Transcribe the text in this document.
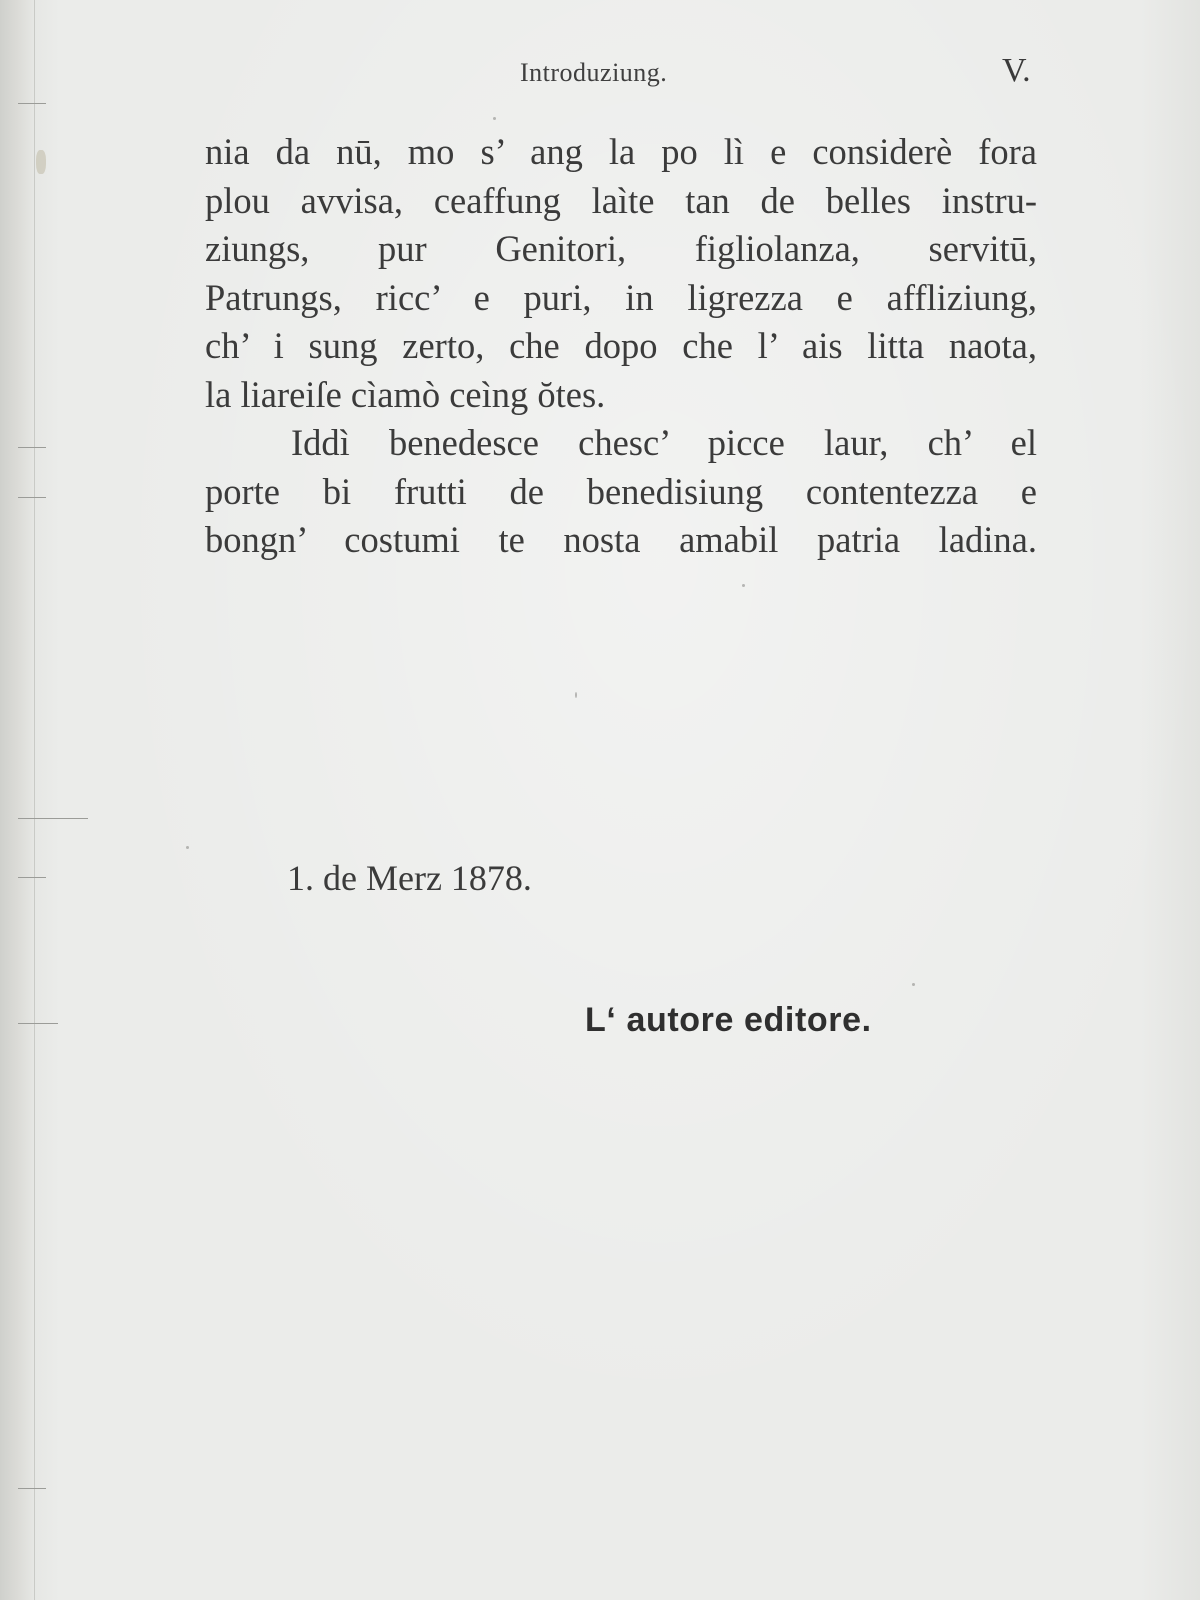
Introduziung.	V.
nia da nū, mo s’ ang la po lì e considerè fora
plou avvisa, ceaffung laìte tan de belles instru-
ziungs, pur Genitori, figliolanza, servitū,
Patrungs, ricc’ e puri, in ligrezza e affliziung,
ch’ i sung zerto, che dopo che l’ ais litta naota,
la liareiſe cìamò ceìng ŏtes.
Iddì benedesce chesc’ picce laur, ch’ el
porte bi frutti de benedisiung contentezza e
bongn’ costumi te nosta amabil patria ladina.
1. de Merz 1878.
L‘ autore editore.
